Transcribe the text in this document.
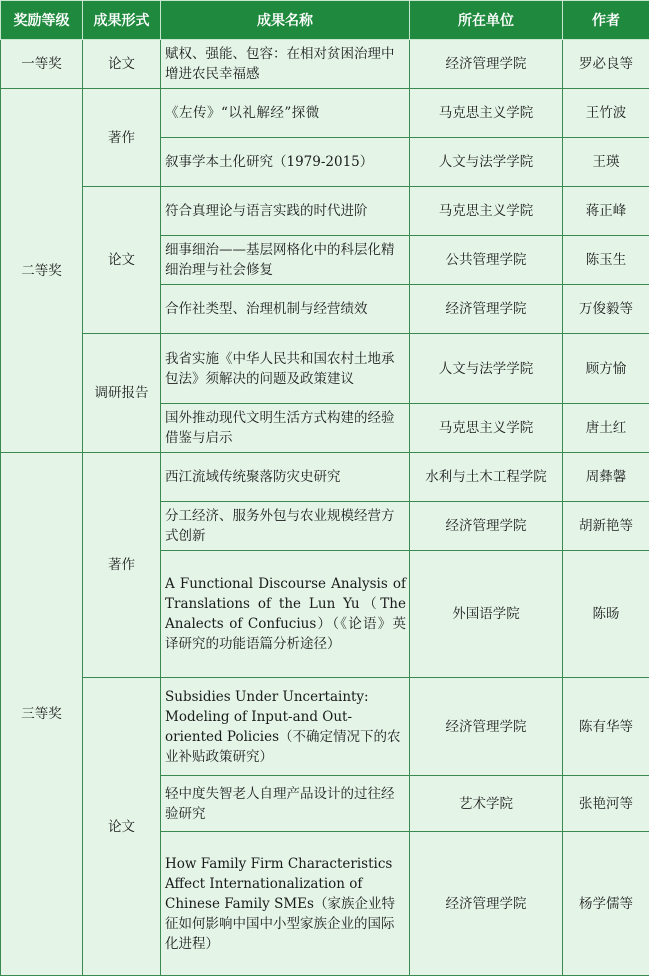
奖励等级	成果形式	成果名称	所在单位	作者
一等奖	论文	赋权、强能、包容：在相对贫困治理中增进农民幸福感	经济管理学院	罗必良等
二等奖	著作	《左传》“以礼解经”探微	马克思主义学院	王竹波
		叙事学本土化研究（1979-2015）	人文与法学学院	王瑛
	论文	符合真理论与语言实践的时代进阶	马克思主义学院	蒋正峰
		细事细治——基层网格化中的科层化精细治理与社会修复	公共管理学院	陈玉生
		合作社类型、治理机制与经营绩效	经济管理学院	万俊毅等
	调研报告	我省实施《中华人民共和国农村土地承包法》须解决的问题及政策建议	人文与法学学院	顾方愉
		国外推动现代文明生活方式构建的经验借鉴与启示	马克思主义学院	唐土红
三等奖	著作	西江流域传统聚落防灾史研究	水利与土木工程学院	周彝馨
		分工经济、服务外包与农业规模经营方式创新	经济管理学院	胡新艳等
		A Functional Discourse Analysis of Translations of the Lun Yu（The Analects of Confucius）（《论语》英译研究的功能语篇分析途径）	外国语学院	陈旸
	论文	Subsidies Under Uncertainty: Modeling of Input-and Out-oriented Policies（不确定情况下的农业补贴政策研究）	经济管理学院	陈有华等
		轻中度失智老人自理产品设计的过往经验研究	艺术学院	张艳河等
		How Family Firm Characteristics Affect Internationalization of Chinese Family SMEs（家族企业特征如何影响中国中小型家族企业的国际化进程）	经济管理学院	杨学儒等
